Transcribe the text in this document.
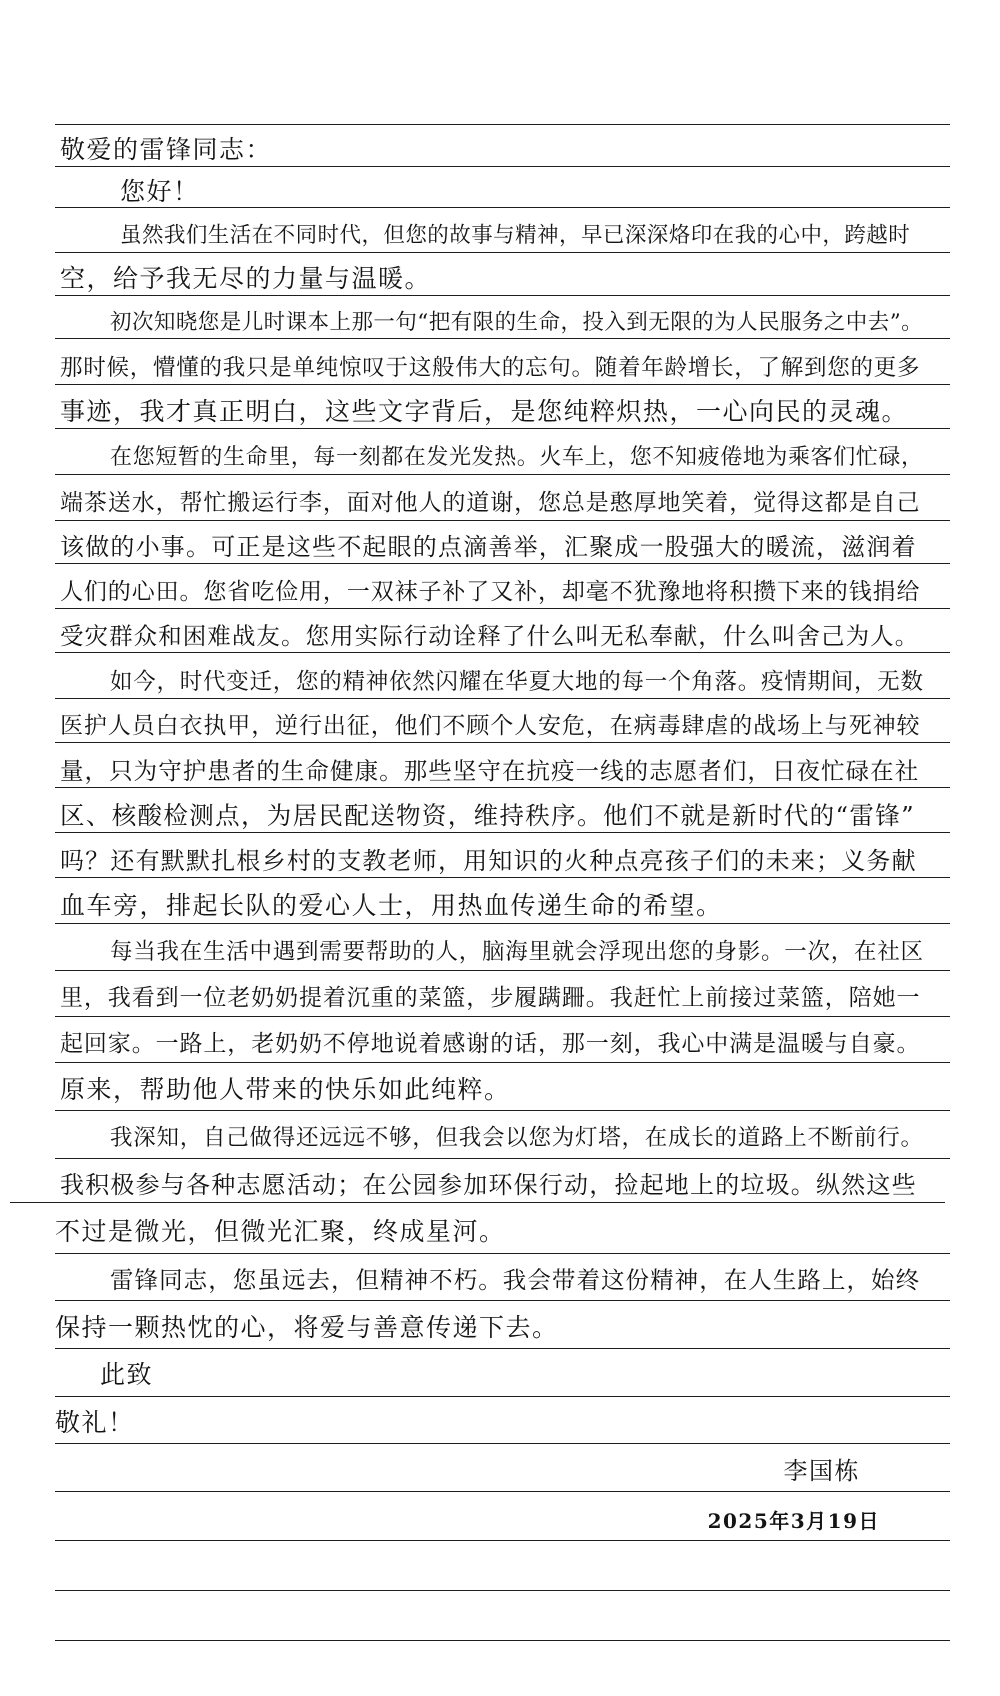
敬爱的雷锋同志：
您好！
虽然我们生活在不同时代，但您的故事与精神，早已深深烙印在我的心中，跨越时
空，给予我无尽的力量与温暖。
初次知晓您是儿时课本上那一句“把有限的生命，投入到无限的为人民服务之中去”。
那时候，懵懂的我只是单纯惊叹于这般伟大的忘句。随着年龄增长，了解到您的更多
事迹，我才真正明白，这些文字背后，是您纯粹炽热，一心向民的灵魂。
在您短暂的生命里，每一刻都在发光发热。火车上，您不知疲倦地为乘客们忙碌，
端茶送水，帮忙搬运行李，面对他人的道谢，您总是憨厚地笑着，觉得这都是自己
该做的小事。可正是这些不起眼的点滴善举，汇聚成一股强大的暖流，滋润着
人们的心田。您省吃俭用，一双袜子补了又补，却毫不犹豫地将积攒下来的钱捐给
受灾群众和困难战友。您用实际行动诠释了什么叫无私奉献，什么叫舍己为人。
如今，时代变迁，您的精神依然闪耀在华夏大地的每一个角落。疫情期间，无数
医护人员白衣执甲，逆行出征，他们不顾个人安危，在病毒肆虐的战场上与死神较
量，只为守护患者的生命健康。那些坚守在抗疫一线的志愿者们，日夜忙碌在社
区、核酸检测点，为居民配送物资，维持秩序。他们不就是新时代的“雷锋”
吗？还有默默扎根乡村的支教老师，用知识的火种点亮孩子们的未来；义务献
血车旁，排起长队的爱心人士，用热血传递生命的希望。
每当我在生活中遇到需要帮助的人，脑海里就会浮现出您的身影。一次，在社区
里，我看到一位老奶奶提着沉重的菜篮，步履蹒跚。我赶忙上前接过菜篮，陪她一
起回家。一路上，老奶奶不停地说着感谢的话，那一刻，我心中满是温暖与自豪。
原来，帮助他人带来的快乐如此纯粹。
我深知，自己做得还远远不够，但我会以您为灯塔，在成长的道路上不断前行。
我积极参与各种志愿活动；在公园参加环保行动，捡起地上的垃圾。纵然这些
不过是微光，但微光汇聚，终成星河。
雷锋同志，您虽远去，但精神不朽。我会带着这份精神，在人生路上，始终
保持一颗热忱的心，将爱与善意传递下去。
此致
敬礼！
李国栋
2025年3月19日
